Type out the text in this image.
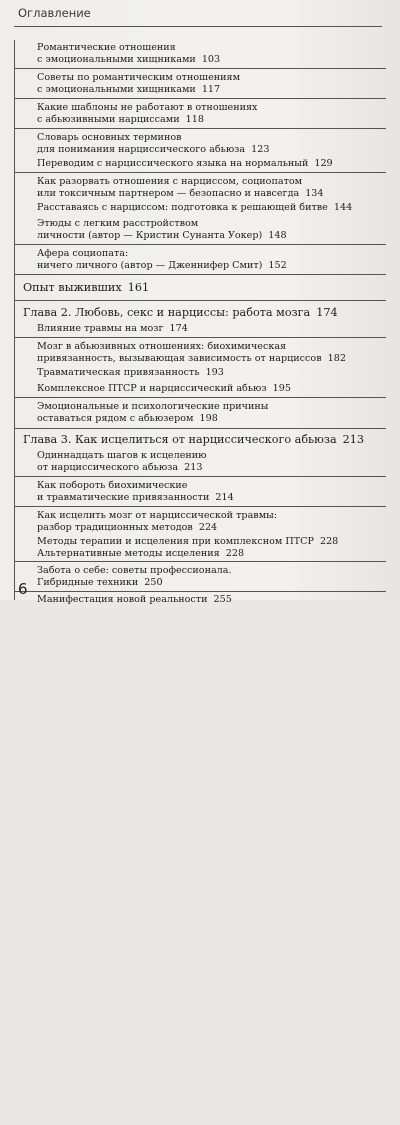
Оглавление
Романтические отношения
с эмоциональными хищниками 103
Советы по романтическим отношениям
с эмоциональными хищниками 117
Какие шаблоны не работают в отношениях
с абьюзивными нарциссами 118
Словарь основных терминов
для понимания нарциссического абьюза 123
Переводим с нарциссического языка на нормальный 129
Как разорвать отношения с нарциссом, социопатом
или токсичным партнером — безопасно и навсегда 134
Расставаясь с нарциссом: подготовка к решающей битве 144
Этюды с легким расстройством
личности (автор — Кристин Сунанта Уокер) 148
Афера социопата:
ничего личного (автор — Дженнифер Смит) 152
Опыт выживших 161
Глава 2. Любовь, секс и нарциссы: работа мозга 174
Влияние травмы на мозг 174
Мозг в абьюзивных отношениях: биохимическая
привязанность, вызывающая зависимость от нарциссов 182
Травматическая привязанность 193
Комплексное ПТСР и нарциссический абьюз 195
Эмоциональные и психологические причины
оставаться рядом с абьюзером 198
Глава 3. Как исцелиться от нарциссического абьюза 213
Одиннадцать шагов к исцелению
от нарциссического абьюза 213
Как побороть биохимические
и травматические привязанности 214
Как исцелить мозг от нарциссической травмы:
разбор традиционных методов 224
Методы терапии и исцеления при комплексном ПТСР 228
Альтернативные методы исцеления 228
Забота о себе: советы профессионала.
Гибридные техники 250
Манифестация новой реальности 255
6
